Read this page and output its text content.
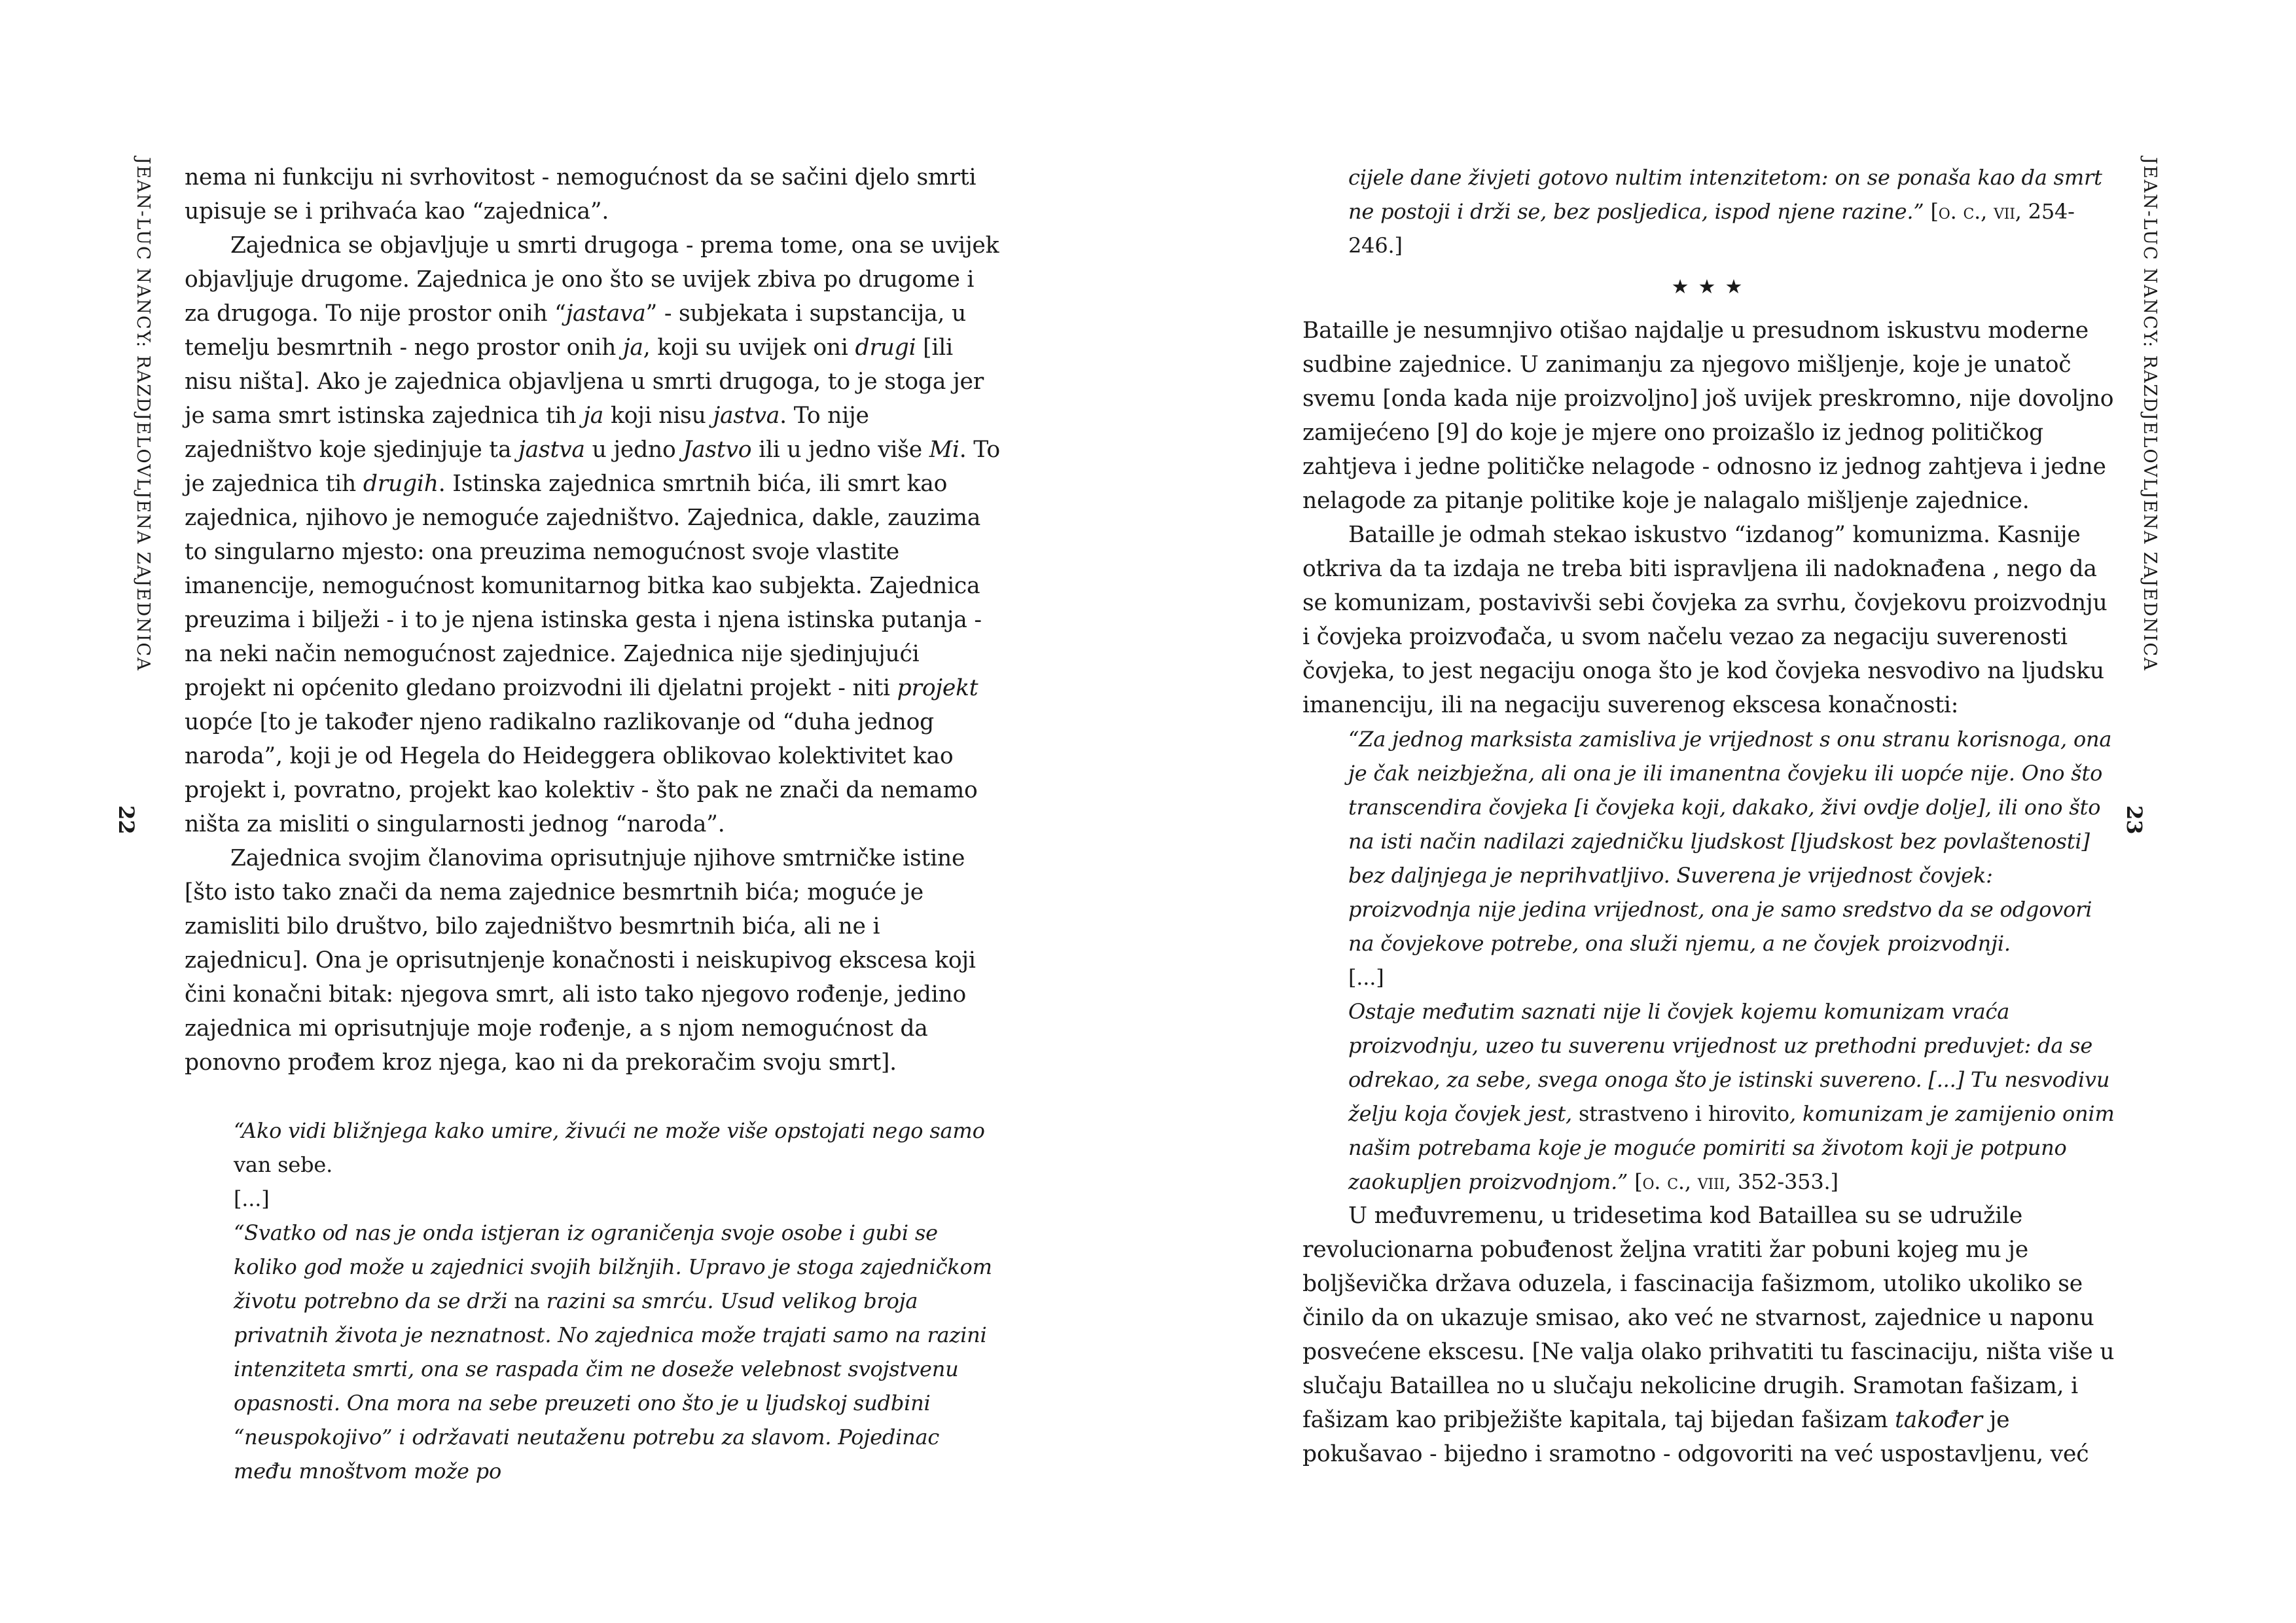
JEAN-LUC NANCY: RAZDJELOVLJENA ZAJEDNICA
22

nema ni funkciju ni svrhovitost - nemogućnost da se sačini djelo smrti upisuje se i prihvaća kao “zajednica”.

Zajednica se objavljuje u smrti drugoga - prema tome, ona se uvijek objavljuje drugome. Zajednica je ono što se uvijek zbiva po drugome i za drugoga. To nije prostor onih “jastava” - subjekata i supstancija, u temelju besmrtnih - nego prostor onih ja, koji su uvijek oni drugi [ili nisu ništa]. Ako je zajednica objavljena u smrti drugoga, to je stoga jer je sama smrt istinska zajednica tih ja koji nisu jastva. To nije zajedništvo koje sjedinjuje ta jastva u jedno Jastvo ili u jedno više Mi. To je zajednica tih drugih. Istinska zajednica smrtnih bića, ili smrt kao zajednica, njihovo je nemoguće zajedništvo. Zajednica, dakle, zauzima to singularno mjesto: ona preuzima nemogućnost svoje vlastite imanencije, nemogućnost komunitarnog bitka kao subjekta. Zajednica preuzima i bilježi - i to je njena istinska gesta i njena istinska putanja - na neki način nemogućnost zajednice. Zajednica nije sjedinjujući projekt ni općenito gledano proizvodni ili djelatni projekt - niti projekt uopće [to je također njeno radikalno razlikovanje od “duha jednog naroda”, koji je od Hegela do Heideggera oblikovao kolektivitet kao projekt i, povratno, projekt kao kolektiv - što pak ne znači da nemamo ništa za misliti o singularnosti jednog “naroda”.

Zajednica svojim članovima oprisutnjuje njihove smtrničke istine [što isto tako znači da nema zajednice besmrtnih bića; moguće je zamisliti bilo društvo, bilo zajedništvo besmrtnih bića, ali ne i zajednicu]. Ona je oprisutnjenje konačnosti i neiskupivog ekscesa koji čini konačni bitak: njegova smrt, ali isto tako njegovo rođenje, jedino zajednica mi oprisutnjuje moje rođenje, a s njom nemogućnost da ponovno prođem kroz njega, kao ni da prekoračim svoju smrt].

“Ako vidi bližnjega kako umire, živući ne može više opstojati nego samo van sebe.

[...]

“Svatko od nas je onda istjeran iz ograničenja svoje osobe i gubi se koliko god može u zajednici svojih bilžnjih. Upravo je stoga zajedničkom životu potrebno da se drži na razini sa smrću. Usud velikog broja privatnih života je neznatnost. No zajednica može trajati samo na razini intenziteta smrti, ona se raspada čim ne doseže velebnost svojstvenu opasnosti. Ona mora na sebe preuzeti ono što je u ljudskoj sudbini “neuspokojivo” i održavati neutaženu potrebu za slavom. Pojedinac među mnoštvom može po

JEAN-LUC NANCY: RAZDJELOVLJENA ZAJEDNICA
23

cijele dane živjeti gotovo nultim intenzitetom: on se ponaša kao da smrt ne postoji i drži se, bez posljedica, ispod njene razine.” [o. c., vii, 254-246.]

★★★

Bataille je nesumnjivo otišao najdalje u presudnom iskustvu moderne sudbine zajednice. U zanimanju za njegovo mišljenje, koje je unatoč svemu [onda kada nije proizvoljno] još uvijek preskromno, nije dovoljno zamijećeno [9] do koje je mjere ono proizašlo iz jednog političkog zahtjeva i jedne političke nelagode - odnosno iz jednog zahtjeva i jedne nelagode za pitanje politike koje je nalagalo mišljenje zajednice.

Bataille je odmah stekao iskustvo “izdanog” komunizma. Kasnije otkriva da ta izdaja ne treba biti ispravljena ili nadoknađena , nego da se komunizam, postavivši sebi čovjeka za svrhu, čovjekovu proizvodnju i čovjeka proizvođača, u svom načelu vezao za negaciju suverenosti čovjeka, to jest negaciju onoga što je kod čovjeka nesvodivo na ljudsku imanenciju, ili na negaciju suverenog ekscesa konačnosti:

“Za jednog marksista zamisliva je vrijednost s onu stranu korisnoga, ona je čak neizbježna, ali ona je ili imanentna čovjeku ili uopće nije. Ono što transcendira čovjeka [i čovjeka koji, dakako, živi ovdje dolje], ili ono što na isti način nadilazi zajedničku ljudskost [ljudskost bez povlaštenosti] bez daljnjega je neprihvatljivo. Suverena je vrijednost čovjek: proizvodnja nije jedina vrijednost, ona je samo sredstvo da se odgovori na čovjekove potrebe, ona služi njemu, a ne čovjek proizvodnji.

[...]

Ostaje međutim saznati nije li čovjek kojemu komunizam vraća proizvodnju, uzeo tu suverenu vrijednost uz prethodni preduvjet: da se odrekao, za sebe, svega onoga što je istinski suvereno. [...] Tu nesvodivu želju koja čovjek jest, strastveno i hirovito, komunizam je zamijenio onim našim potrebama koje je moguće pomiriti sa životom koji je potpuno zaokupljen proizvodnjom.” [o. c., viii, 352-353.]

U međuvremenu, u tridesetima kod Batailleа su se udružile revolucionarna pobuđenost željna vratiti žar pobuni kojeg mu je boljševička država oduzela, i fascinacija fašizmom, utoliko ukoliko se činilo da on ukazuje smisao, ako već ne stvarnost, zajednice u naponu posvećene ekscesu. [Ne valja olako prihvatiti tu fascinaciju, ništa više u slučaju Bataillea no u slučaju nekolicine drugih. Sramotan fašizam, i fašizam kao pribježište kapitala, taj bijedan fašizam također je pokušavao - bijedno i sramotno - odgovoriti na već uspostavljenu, već
